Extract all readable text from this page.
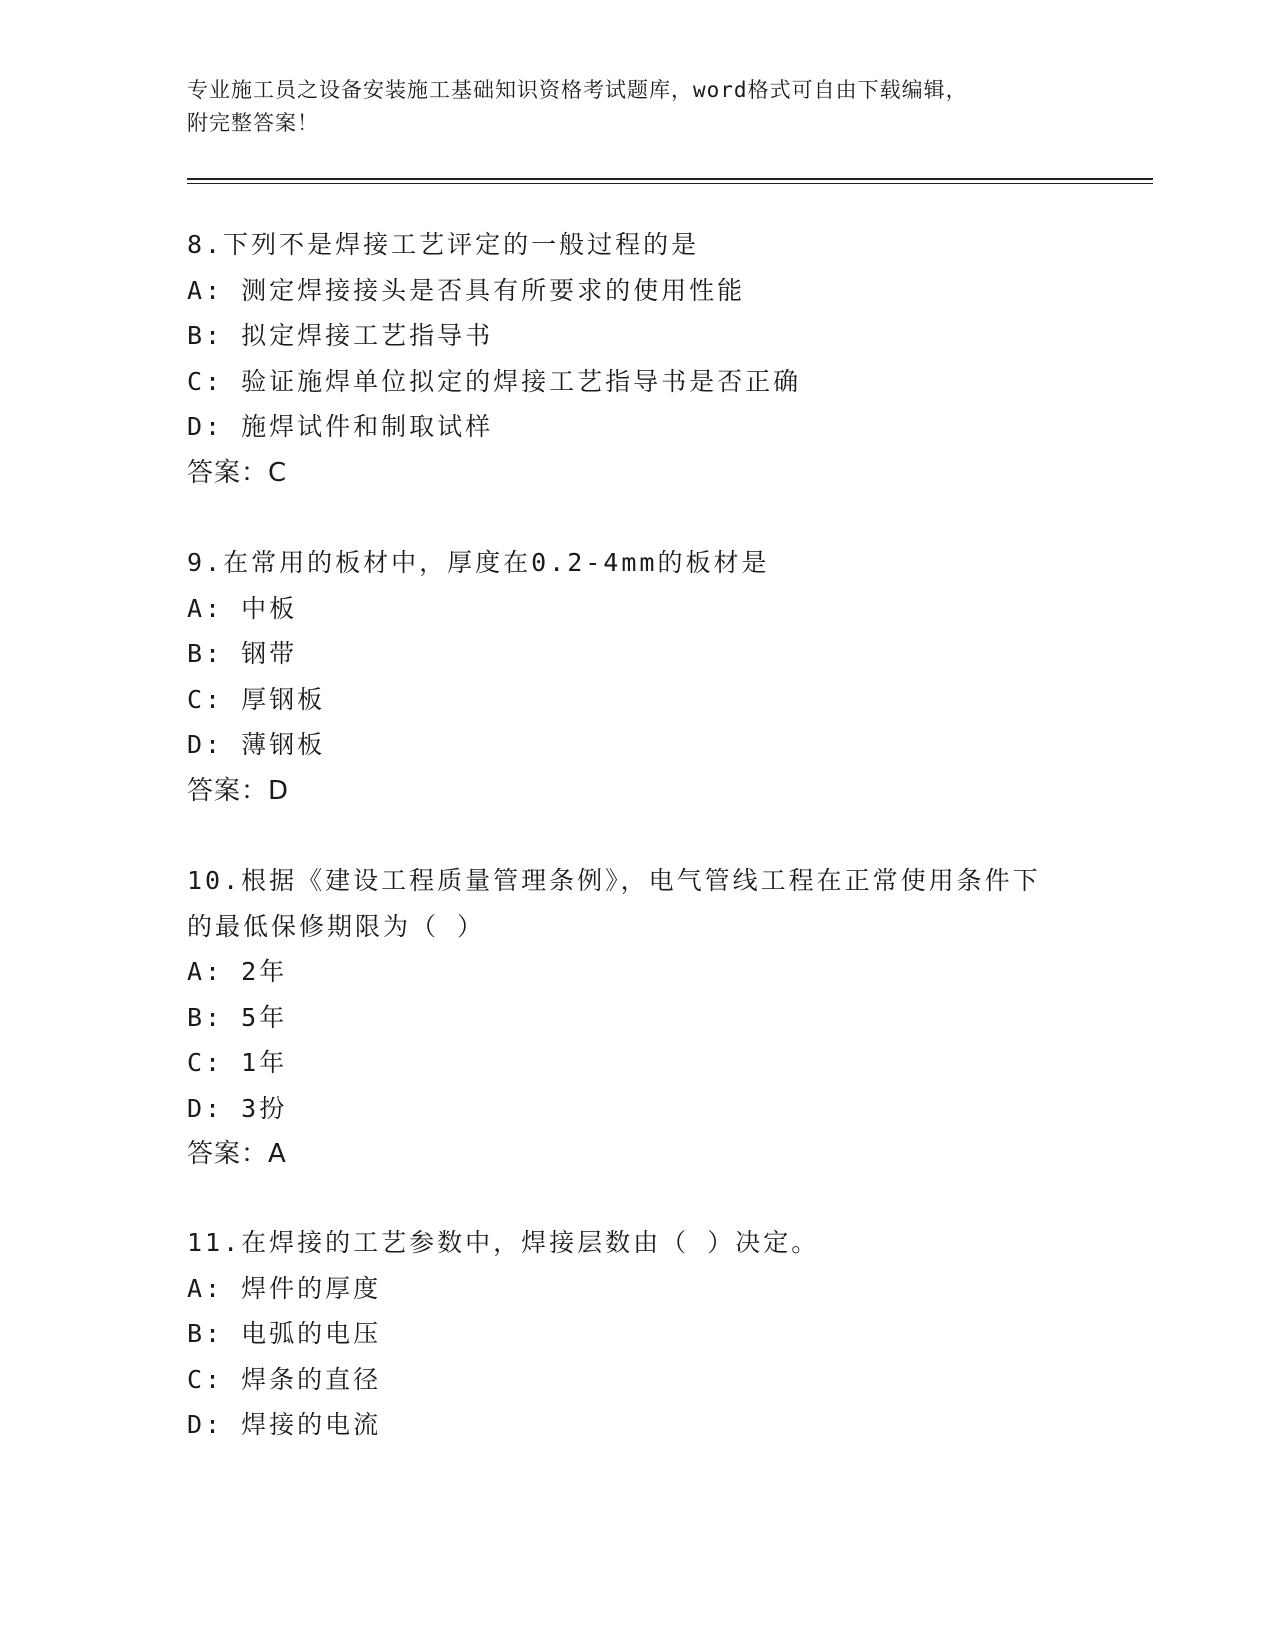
专业施工员之设备安装施工基础知识资格考试题库，word格式可自由下载编辑，
附完整答案！
8.下列不是焊接工艺评定的一般过程的是
A: 测定焊接接头是否具有所要求的使用性能
B: 拟定焊接工艺指导书
C: 验证施焊单位拟定的焊接工艺指导书是否正确
D: 施焊试件和制取试样
答案：C
9.在常用的板材中，厚度在0.2-4mm的板材是
A: 中板
B: 钢带
C: 厚钢板
D: 薄钢板
答案：D
10.根据《建设工程质量管理条例》，电气管线工程在正常使用条件下
的最低保修期限为（ ）
A: 2年
B: 5年
C: 1年
D: 3扮
答案：A
11.在焊接的工艺参数中，焊接层数由（ ）决定。
A: 焊件的厚度
B: 电弧的电压
C: 焊条的直径
D: 焊接的电流
